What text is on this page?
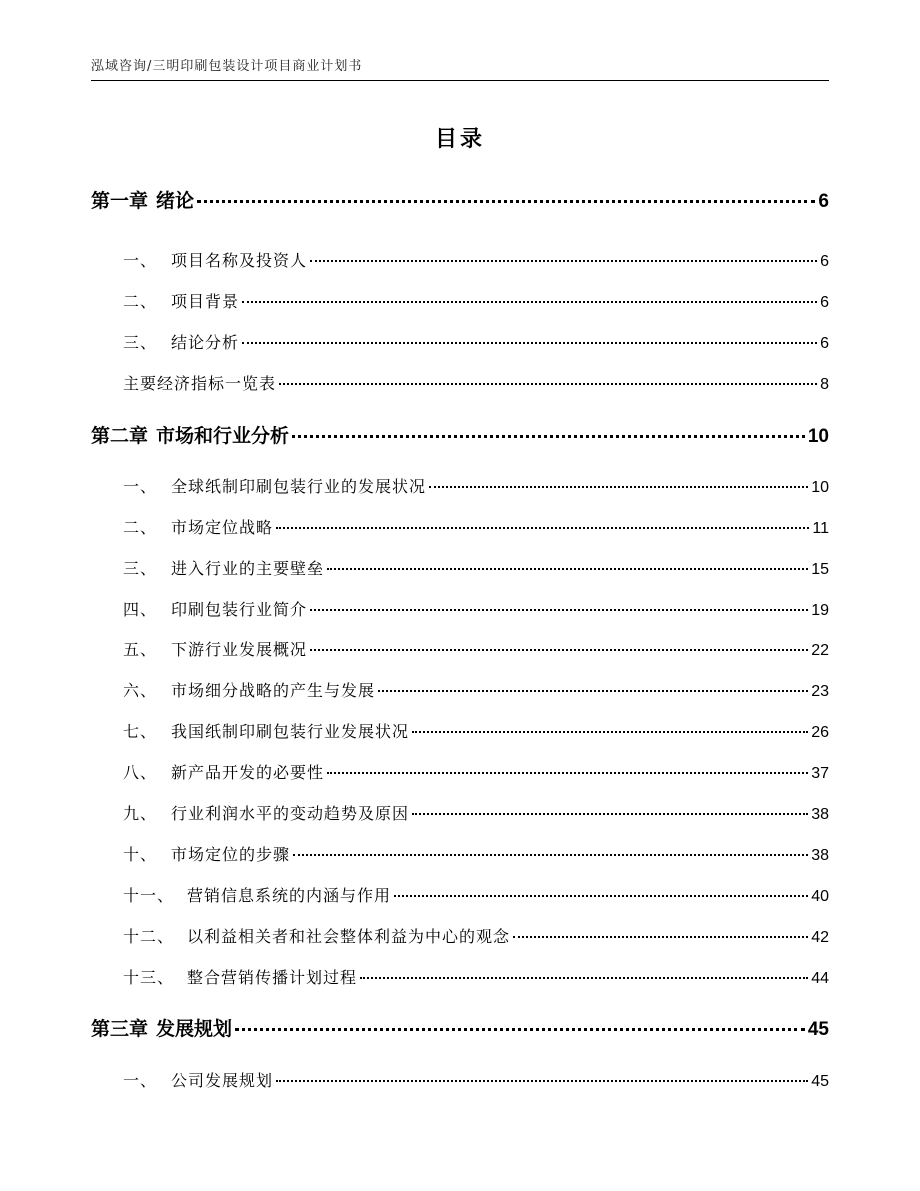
泓域咨询/三明印刷包装设计项目商业计划书
目录
第一章 绪论	6
一、 项目名称及投资人	6
二、 项目背景	6
三、 结论分析	6
主要经济指标一览表	8
第二章 市场和行业分析	10
一、 全球纸制印刷包装行业的发展状况	10
二、 市场定位战略	11
三、 进入行业的主要壁垒	15
四、 印刷包装行业简介	19
五、 下游行业发展概况	22
六、 市场细分战略的产生与发展	23
七、 我国纸制印刷包装行业发展状况	26
八、 新产品开发的必要性	37
九、 行业利润水平的变动趋势及原因	38
十、 市场定位的步骤	38
十一、 营销信息系统的内涵与作用	40
十二、 以利益相关者和社会整体利益为中心的观念	42
十三、 整合营销传播计划过程	44
第三章 发展规划	45
一、 公司发展规划	45
